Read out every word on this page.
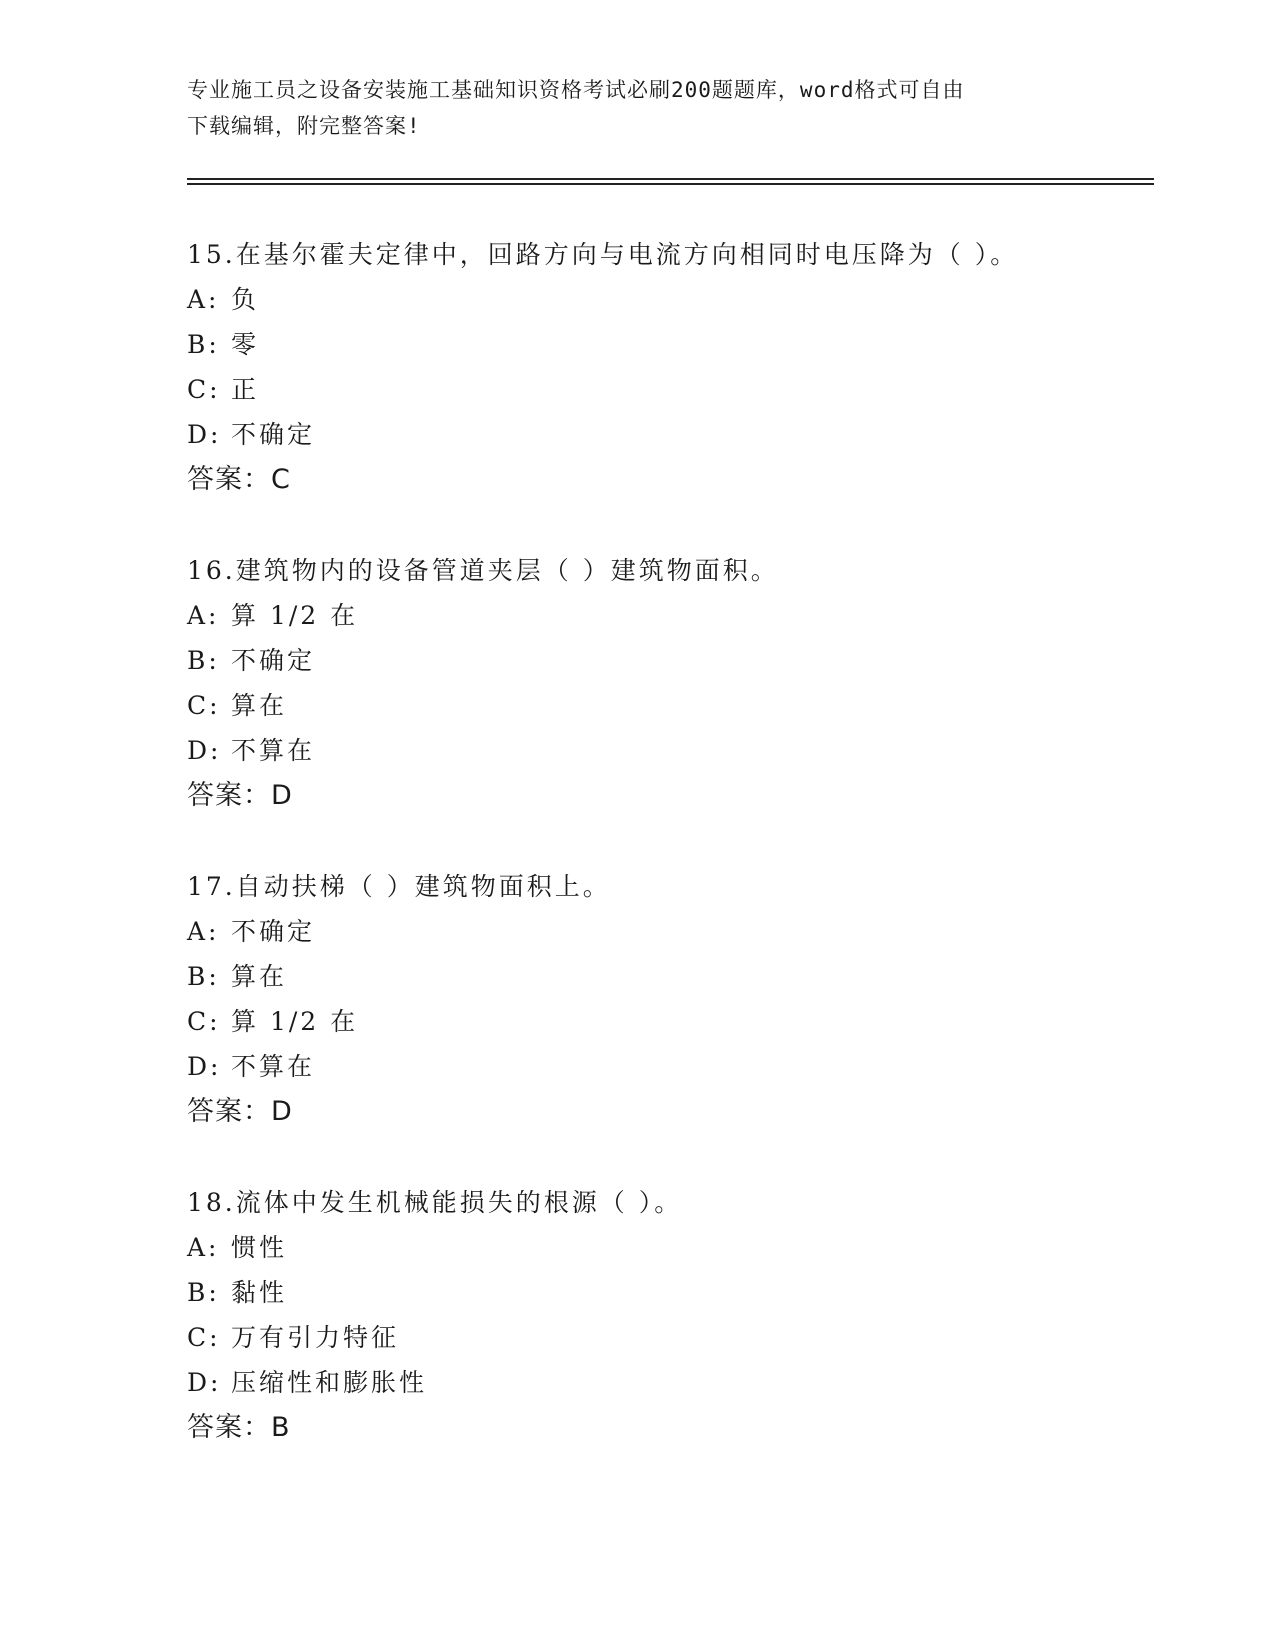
专业施工员之设备安装施工基础知识资格考试必刷200题题库，word格式可自由
下载编辑，附完整答案!
15.在基尔霍夫定律中，回路方向与电流方向相同时电压降为（ ）。
A: 负
B: 零
C: 正
D: 不确定
答案：C
16.建筑物内的设备管道夹层（ ）建筑物面积。
A: 算 1/2 在
B: 不确定
C: 算在
D: 不算在
答案：D
17.自动扶梯（ ）建筑物面积上。
A: 不确定
B: 算在
C: 算 1/2 在
D: 不算在
答案：D
18.流体中发生机械能损失的根源（ ）。
A: 惯性
B: 黏性
C: 万有引力特征
D: 压缩性和膨胀性
答案：B
